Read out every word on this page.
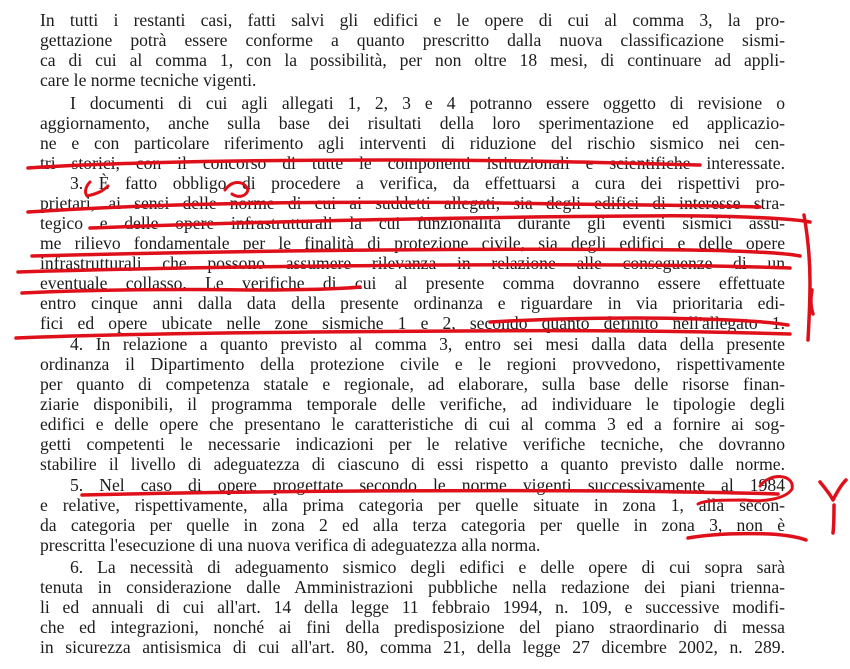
In tutti i restanti casi, fatti salvi gli edifici e le opere di cui al comma 3, la pro-
gettazione potrà essere conforme a quanto prescritto dalla nuova classificazione sismi-
ca di cui al comma 1, con la possibilità, per non oltre 18 mesi, di continuare ad appli-
care le norme tecniche vigenti.
I documenti di cui agli allegati 1, 2, 3 e 4 potranno essere oggetto di revisione o
aggiornamento, anche sulla base dei risultati della loro sperimentazione ed applicazio-
ne e con particolare riferimento agli interventi di riduzione del rischio sismico nei cen-
tri storici, con il concorso di tutte le componenti istituzionali e scientifiche interessate.
3. È fatto obbligo di procedere a verifica, da effettuarsi a cura dei rispettivi pro-
prietari, ai sensi delle norme di cui ai suddetti allegati, sia degli edifici di interesse stra-
tegico e delle opere infrastrutturali la cui funzionalità durante gli eventi sismici assu-
me rilievo fondamentale per le finalità di protezione civile, sia degli edifici e delle opere
infrastrutturali che possono assumere rilevanza in relazione alle conseguenze di un
eventuale collasso. Le verifiche di cui al presente comma dovranno essere effettuate
entro cinque anni dalla data della presente ordinanza e riguardare in via prioritaria edi-
fici ed opere ubicate nelle zone sismiche 1 e 2, secondo quanto definito nell'allegato 1.
4. In relazione a quanto previsto al comma 3, entro sei mesi dalla data della presente
ordinanza il Dipartimento della protezione civile e le regioni provvedono, rispettivamente
per quanto di competenza statale e regionale, ad elaborare, sulla base delle risorse finan-
ziarie disponibili, il programma temporale delle verifiche, ad individuare le tipologie degli
edifici e delle opere che presentano le caratteristiche di cui al comma 3 ed a fornire ai sog-
getti competenti le necessarie indicazioni per le relative verifiche tecniche, che dovranno
stabilire il livello di adeguatezza di ciascuno di essi rispetto a quanto previsto dalle norme.
5. Nel caso di opere progettate secondo le norme vigenti successivamente al 1984
e relative, rispettivamente, alla prima categoria per quelle situate in zona 1, alla secon-
da categoria per quelle in zona 2 ed alla terza categoria per quelle in zona 3, non è
prescritta l'esecuzione di una nuova verifica di adeguatezza alla norma.
6. La necessità di adeguamento sismico degli edifici e delle opere di cui sopra sarà
tenuta in considerazione dalle Amministrazioni pubbliche nella redazione dei piani trienna-
li ed annuali di cui all'art. 14 della legge 11 febbraio 1994, n. 109, e successive modifi-
che ed integrazioni, nonché ai fini della predisposizione del piano straordinario di messa
in sicurezza antisismica di cui all'art. 80, comma 21, della legge 27 dicembre 2002, n. 289.
